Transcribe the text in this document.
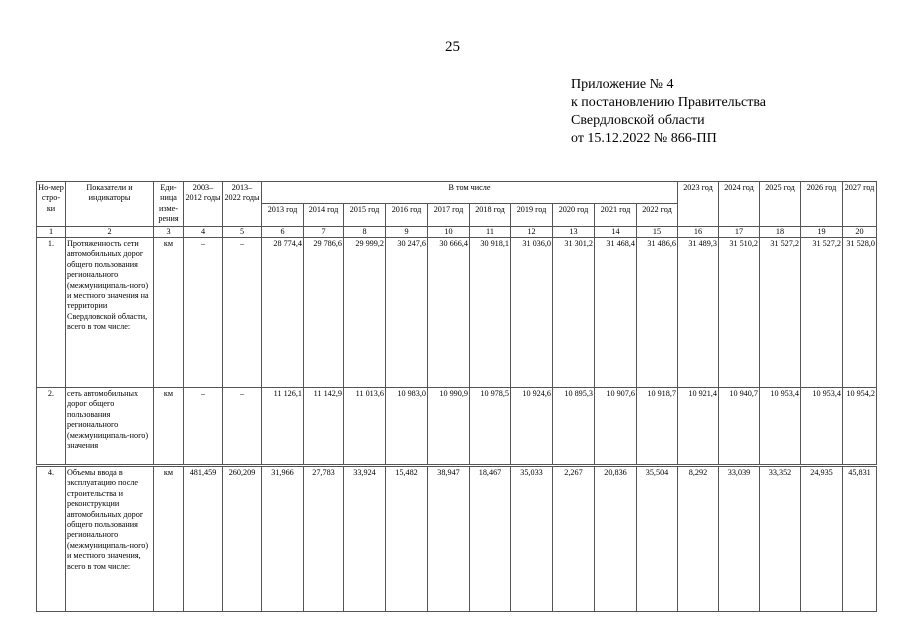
25
Приложение № 4
к постановлению Правительства
Свердловской области
от 15.12.2022 № 866-ПП
Но-мер стро-ки	Показатели и индикаторы	Еди-ница изме-рения	2003–2012 годы	2013–2022 годы	В том числе										2023 год	2024 год	2025 год	2026 год	2027 год
					2013 год	2014 год	2015 год	2016 год	2017 год	2018 год	2019 год	2020 год	2021 год	2022 год					
1	2	3	4	5	6	7	8	9	10	11	12	13	14	15	16	17	18	19	20
1.	Протяженность сети автомобильных дорог общего пользования регионального (межмуниципаль-ного) и местного значения на территории Свердловской области, всего в том числе:	км	–	–	28 774,4	29 786,6	29 999,2	30 247,6	30 666,4	30 918,1	31 036,0	31 301,2	31 468,4	31 486,6	31 489,3	31 510,2	31 527,2	31 527,2	31 528,0
2.	сеть автомобильных дорог общего пользования регионального (межмуниципаль-ного) значения	км	–	–	11 126,1	11 142,9	11 013,6	10 983,0	10 990,9	10 978,5	10 924,6	10 895,3	10 907,6	10 918,7	10 921,4	10 940,7	10 953,4	10 953,4	10 954,2
4.	Объемы ввода в эксплуатацию после строительства и реконструкции автомобильных дорог общего пользования регионального (межмуниципаль-ного) и местного значения, всего в том числе:	км	481,459	260,209	31,966	27,783	33,924	15,482	38,947	18,467	35,033	2,267	20,836	35,504	8,292	33,039	33,352	24,935	45,831
